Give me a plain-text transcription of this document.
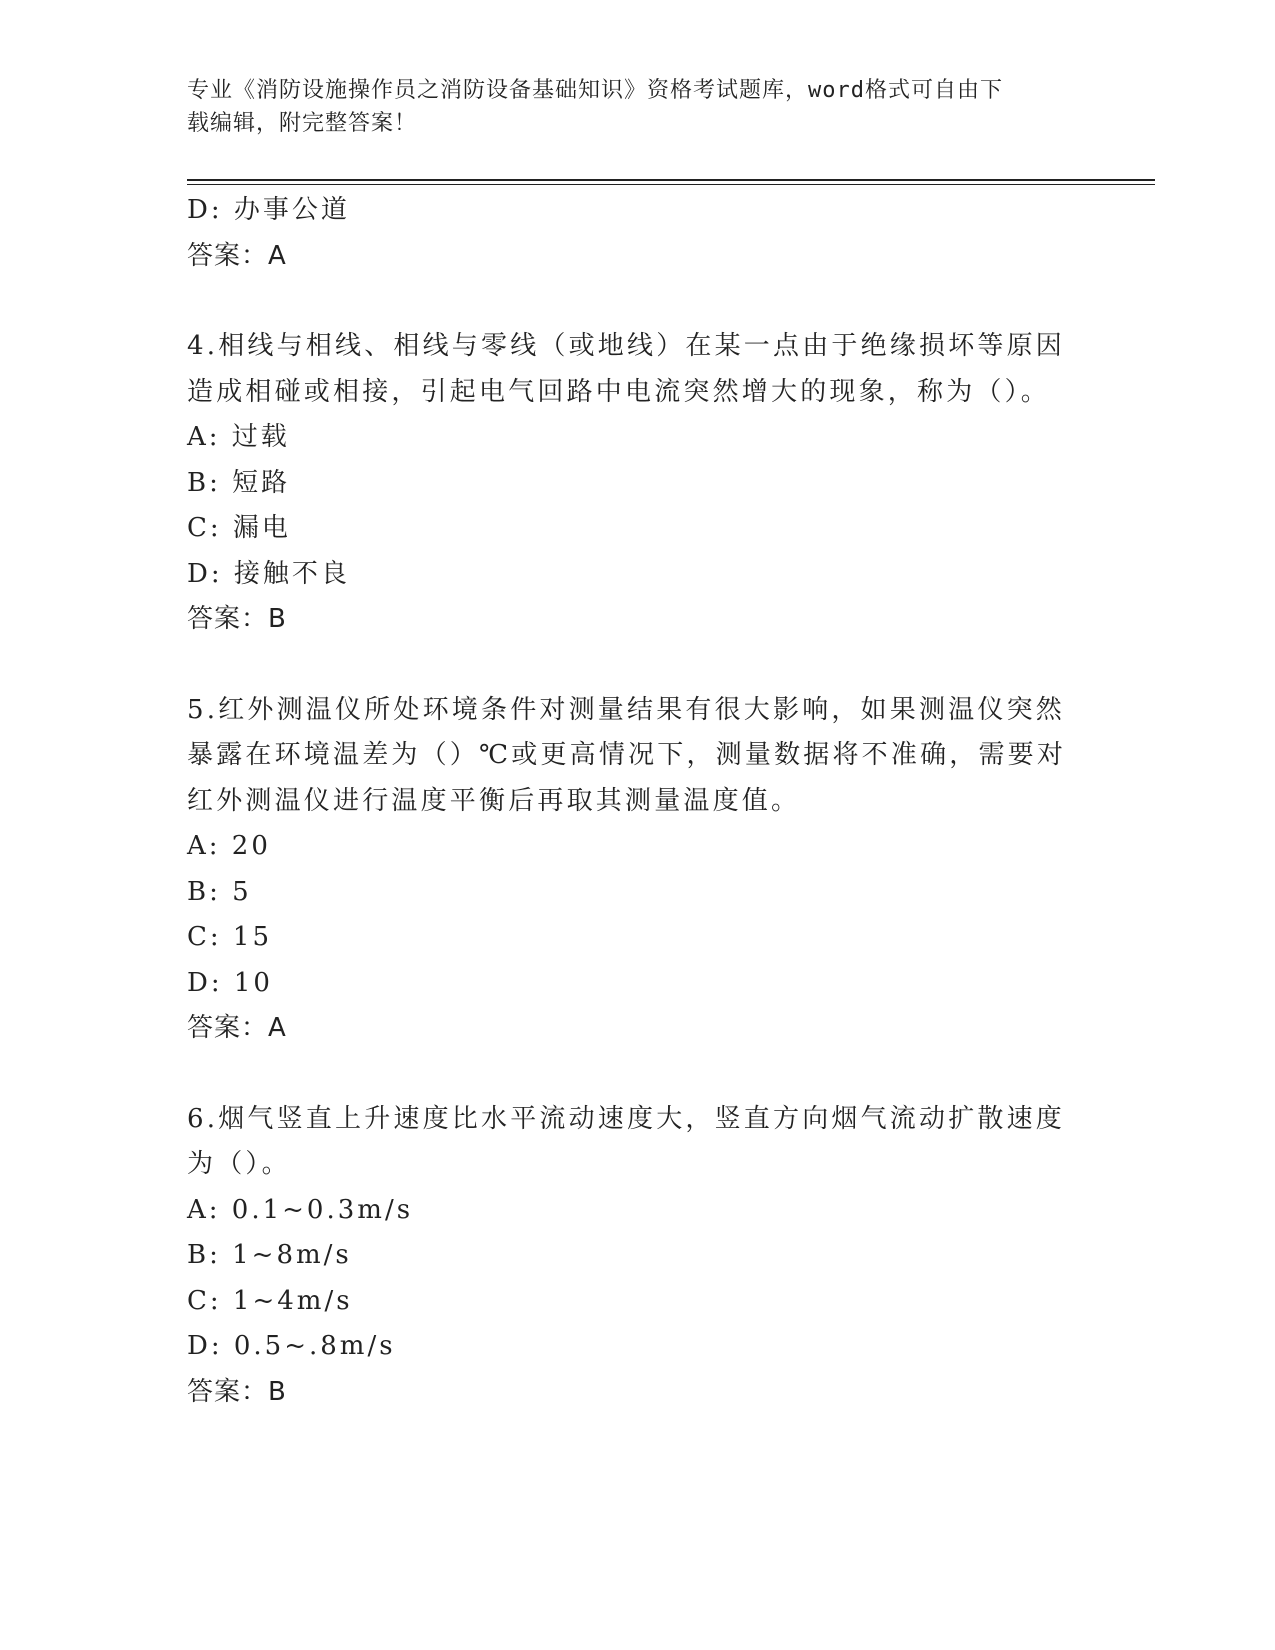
专业《消防设施操作员之消防设备基础知识》资格考试题库，word格式可自由下
载编辑，附完整答案！
D: 办事公道
答案：A
4.相线与相线、相线与零线（或地线）在某一点由于绝缘损坏等原因
造成相碰或相接，引起电气回路中电流突然增大的现象，称为（）。
A: 过载
B: 短路
C: 漏电
D: 接触不良
答案：B
5.红外测温仪所处环境条件对测量结果有很大影响，如果测温仪突然
暴露在环境温差为（）℃或更高情况下，测量数据将不准确，需要对
红外测温仪进行温度平衡后再取其测量温度值。
A: 20
B: 5
C: 15
D: 10
答案：A
6.烟气竖直上升速度比水平流动速度大，竖直方向烟气流动扩散速度
为（）。
A: 0.1~0.3m/s
B: 1~8m/s
C: 1~4m/s
D: 0.5~.8m/s
答案：B
